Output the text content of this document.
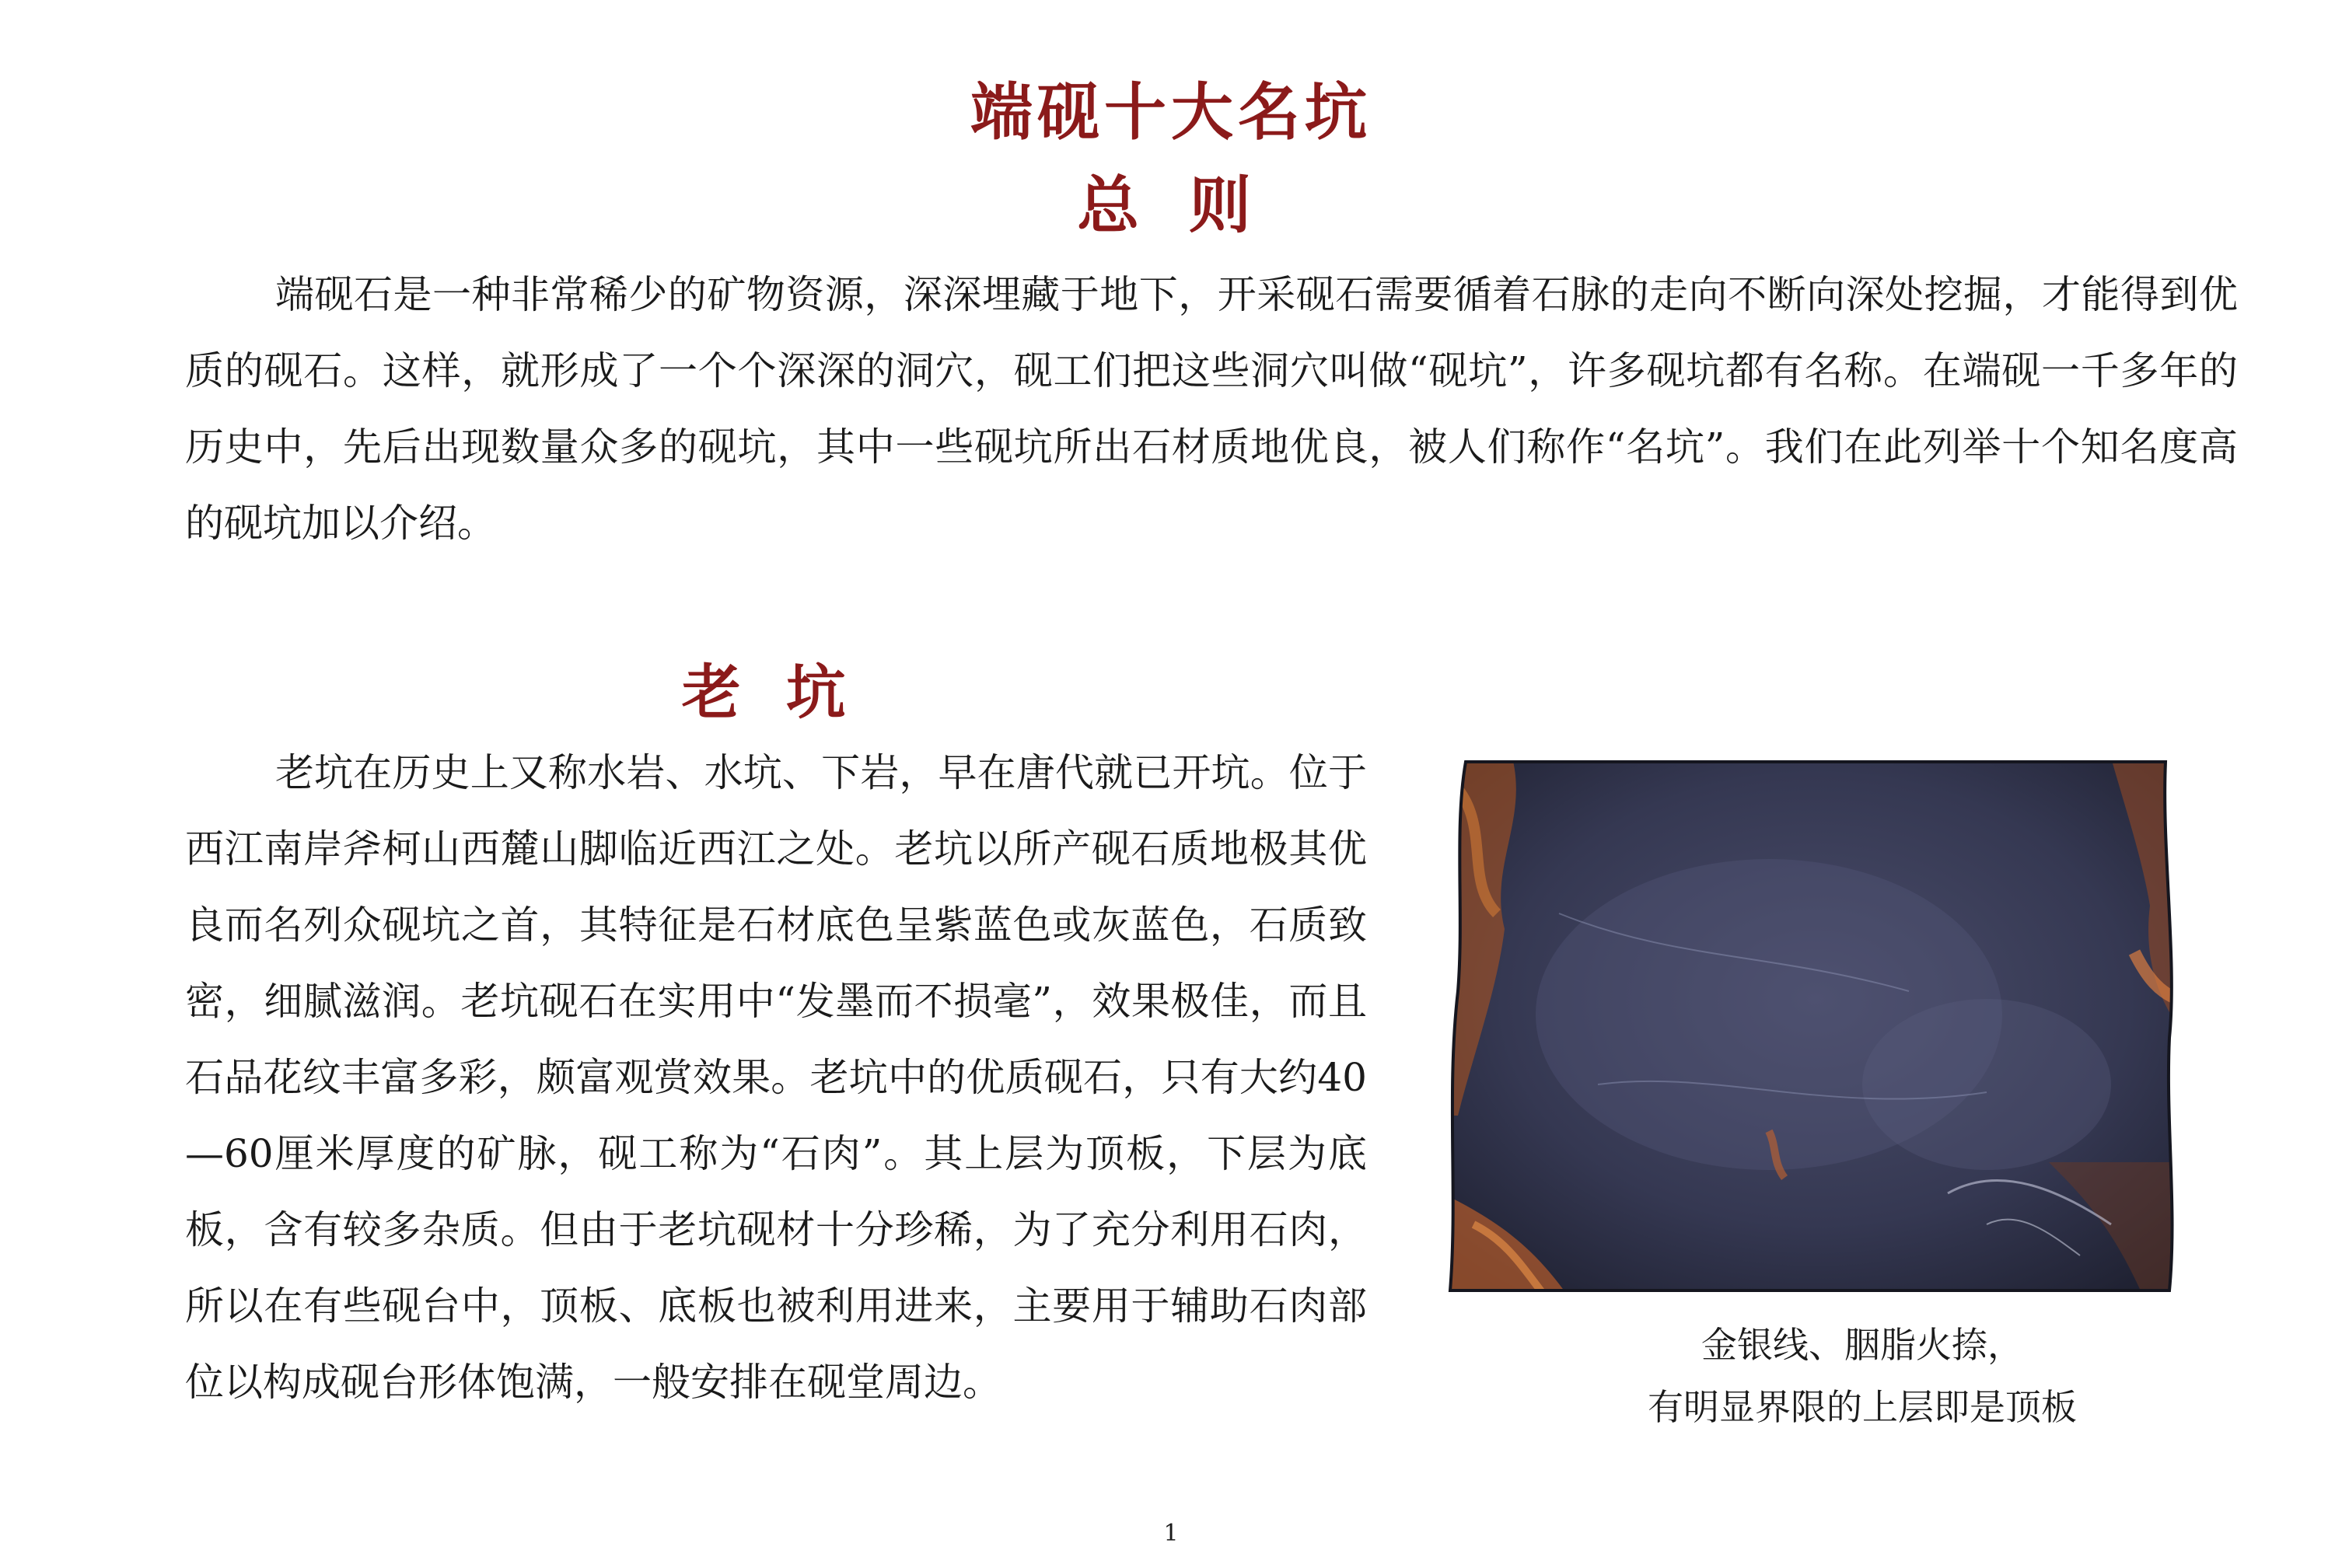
端砚十大名坑
总 则

端砚石是一种非常稀少的矿物资源，深深埋藏于地下，开采砚石需要循着石脉的走向不断向深处挖掘，才能得到优质的砚石。这样，就形成了一个个深深的洞穴，砚工们把这些洞穴叫做“砚坑”，许多砚坑都有名称。在端砚一千多年的历史中，先后出现数量众多的砚坑，其中一些砚坑所出石材质地优良，被人们称作“名坑”。我们在此列举十个知名度高的砚坑加以介绍。

老 坑

老坑在历史上又称水岩、水坑、下岩，早在唐代就已开坑。位于西江南岸斧柯山西麓山脚临近西江之处。老坑以所产砚石质地极其优良而名列众砚坑之首，其特征是石材底色呈紫蓝色或灰蓝色，石质致密，细腻滋润。老坑砚石在实用中“发墨而不损毫”，效果极佳，而且石品花纹丰富多彩，颇富观赏效果。老坑中的优质砚石，只有大约40—60厘米厚度的矿脉，砚工称为“石肉”。其上层为顶板，下层为底板，含有较多杂质。但由于老坑砚材十分珍稀，为了充分利用石肉，所以在有些砚台中，顶板、底板也被利用进来，主要用于辅助石肉部位以构成砚台形体饱满，一般安排在砚堂周边。

金银线、胭脂火捺，
有明显界限的上层即是顶板

1
